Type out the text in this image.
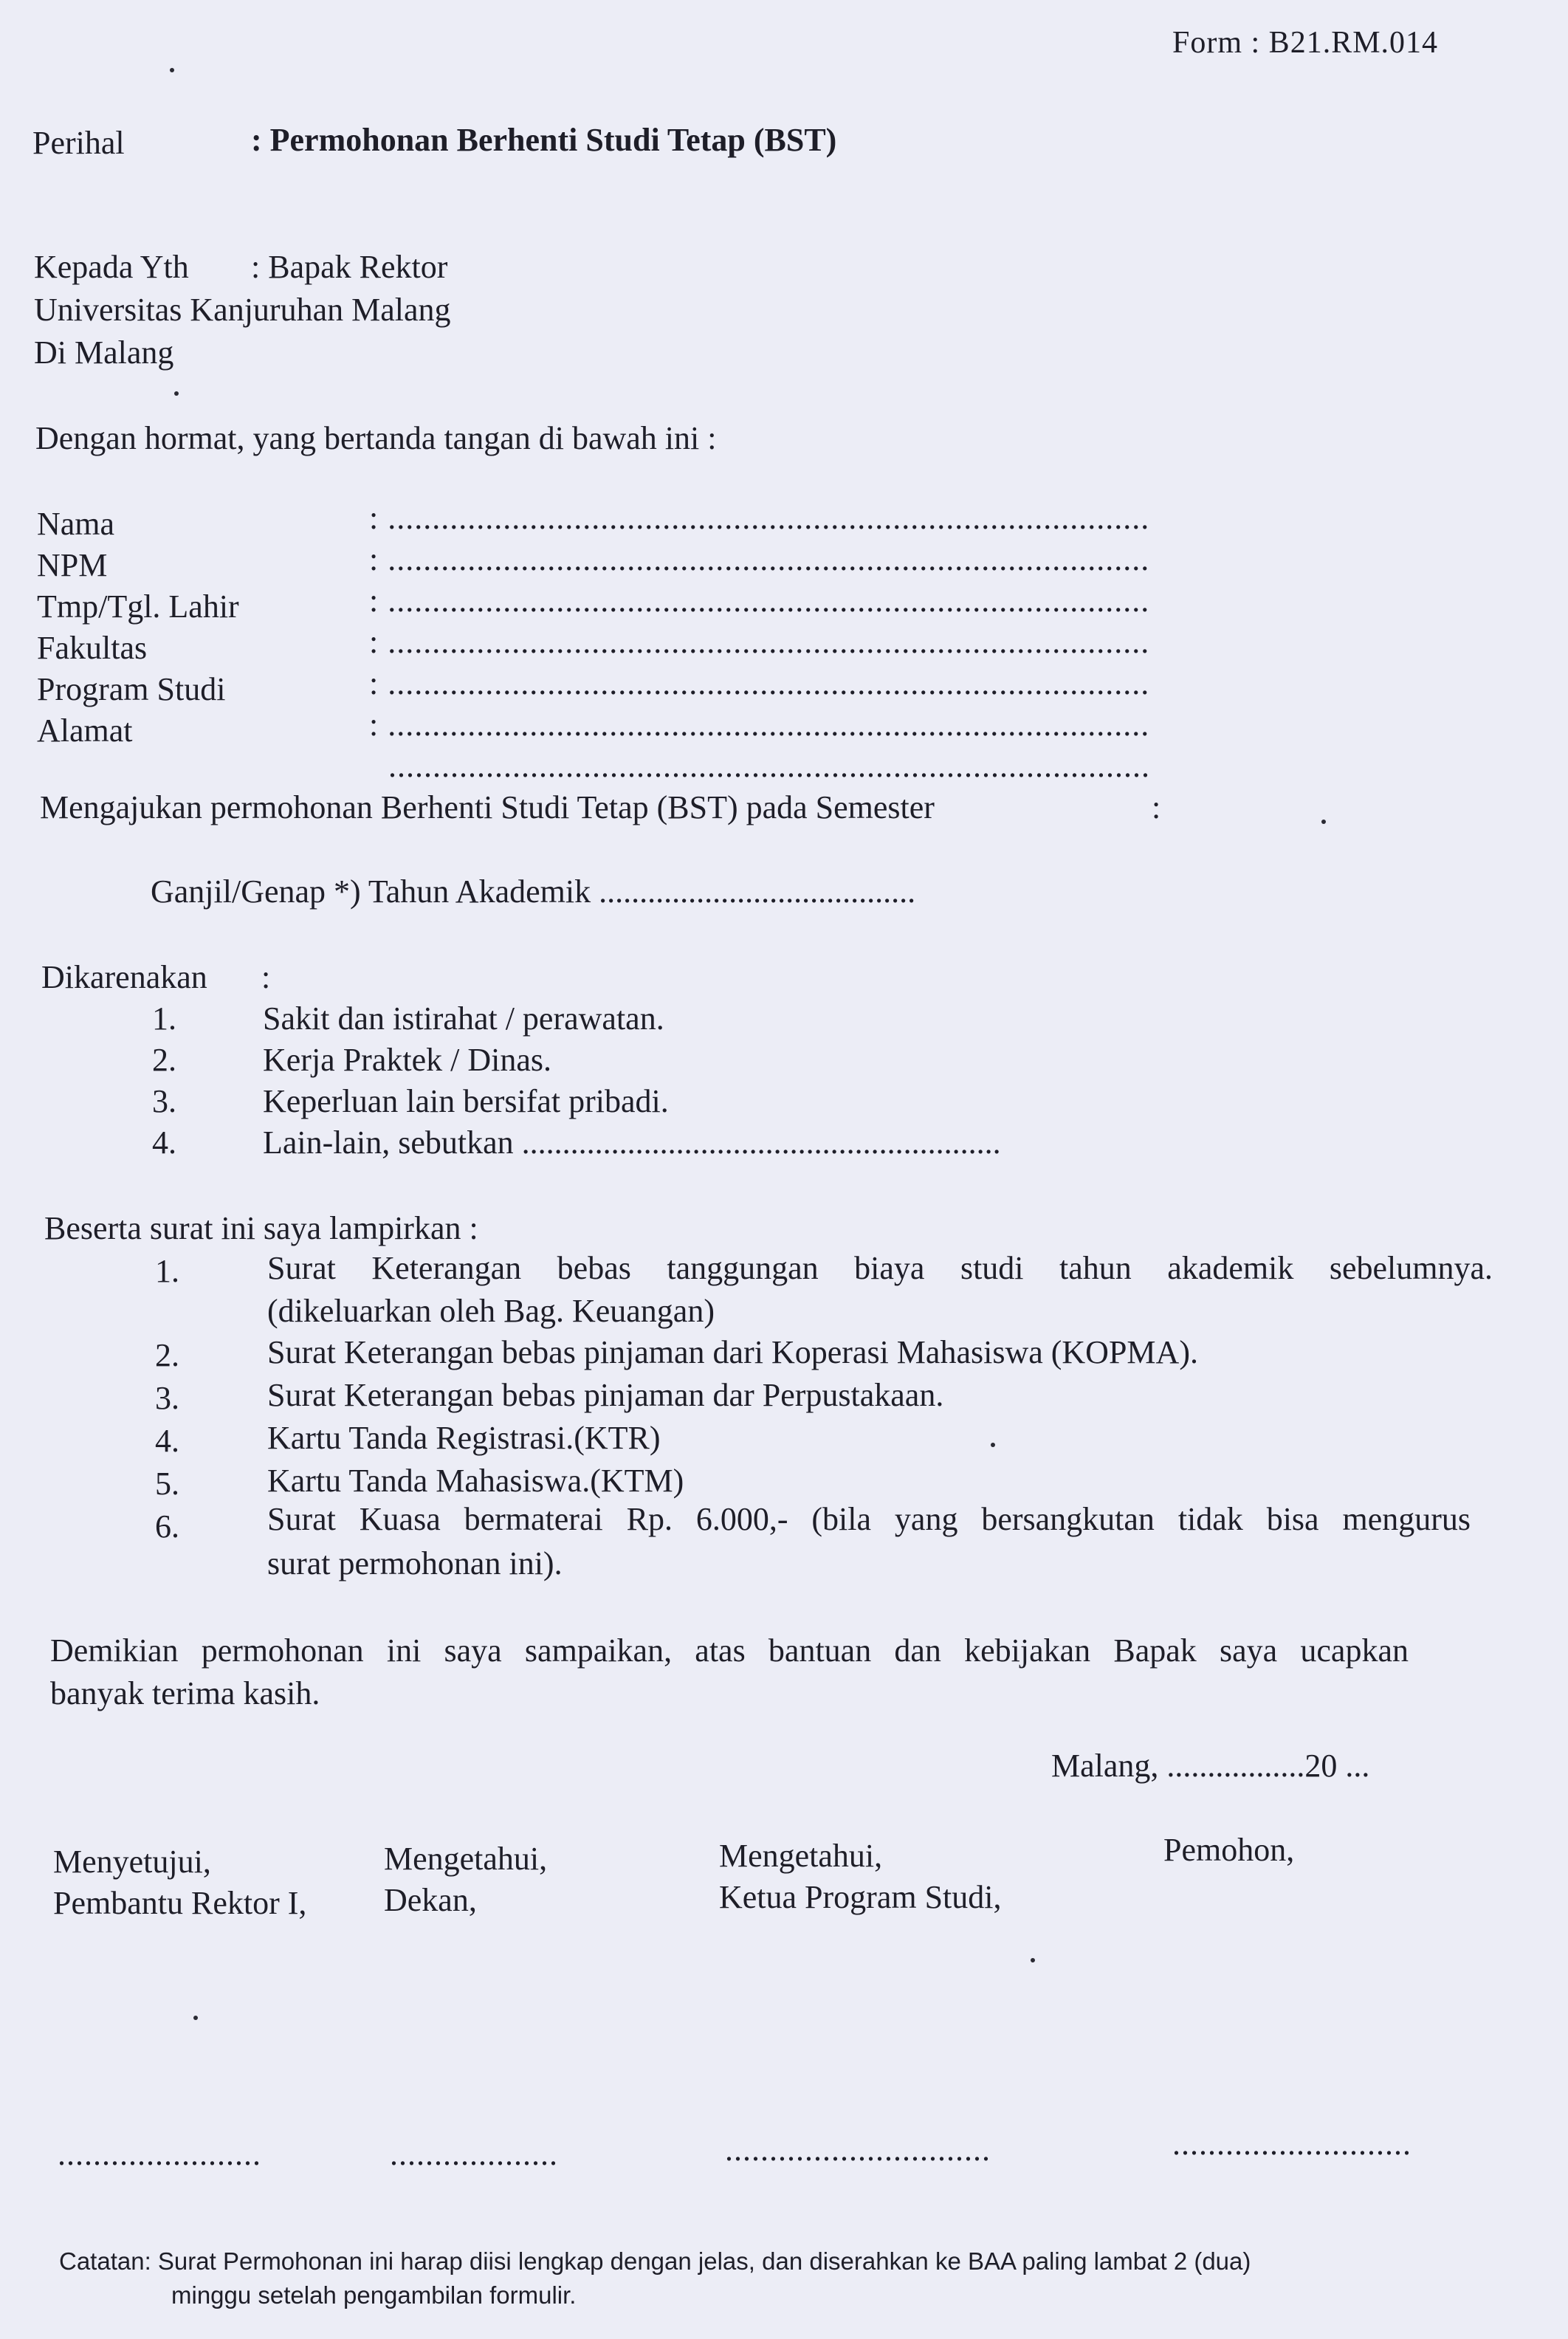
Form : B21.RM.014
Perihal	: Permohonan Berhenti Studi Tetap (BST)
Kepada Yth : Bapak Rektor
Universitas Kanjuruhan Malang
Di Malang
Dengan hormat, yang bertanda tangan di bawah ini :
Nama	: ......................................................................................
NPM	: ......................................................................................
Tmp/Tgl. Lahir	: ......................................................................................
Fakultas	: ......................................................................................
Program Studi	: ......................................................................................
Alamat	: ......................................................................................
......................................................................................
Mengajukan permohonan Berhenti Studi Tetap (BST) pada Semester	:
Ganjil/Genap *) Tahun Akademik .......................................
Dikarenakan :
1.	Sakit dan istirahat / perawatan.
2.	Kerja Praktek / Dinas.
3.	Keperluan lain bersifat pribadi.
4.	Lain-lain, sebutkan ...........................................................
Beserta surat ini saya lampirkan :
1.	Surat Keterangan bebas tanggungan biaya studi tahun akademik sebelumnya.
(dikeluarkan oleh Bag. Keuangan)
2.	Surat Keterangan bebas pinjaman dari Koperasi Mahasiswa (KOPMA).
3.	Surat Keterangan bebas pinjaman dar Perpustakaan.
4.	Kartu Tanda Registrasi.(KTR)
5.	Kartu Tanda Mahasiswa.(KTM)
6.	Surat Kuasa bermaterai Rp. 6.000,- (bila yang bersangkutan tidak bisa mengurus
surat permohonan ini).
Demikian permohonan ini saya sampaikan, atas bantuan dan kebijakan Bapak saya ucapkan
banyak terima kasih.
Malang, .................20 ...
Menyetujui,
Pembantu Rektor I,
.......................
Mengetahui,
Dekan,
...................
Mengetahui,
Ketua Program Studi,
..............................
Pemohon,
...........................
Catatan: Surat Permohonan ini harap diisi lengkap dengan jelas, dan diserahkan ke BAA paling lambat 2 (dua)
minggu setelah pengambilan formulir.
